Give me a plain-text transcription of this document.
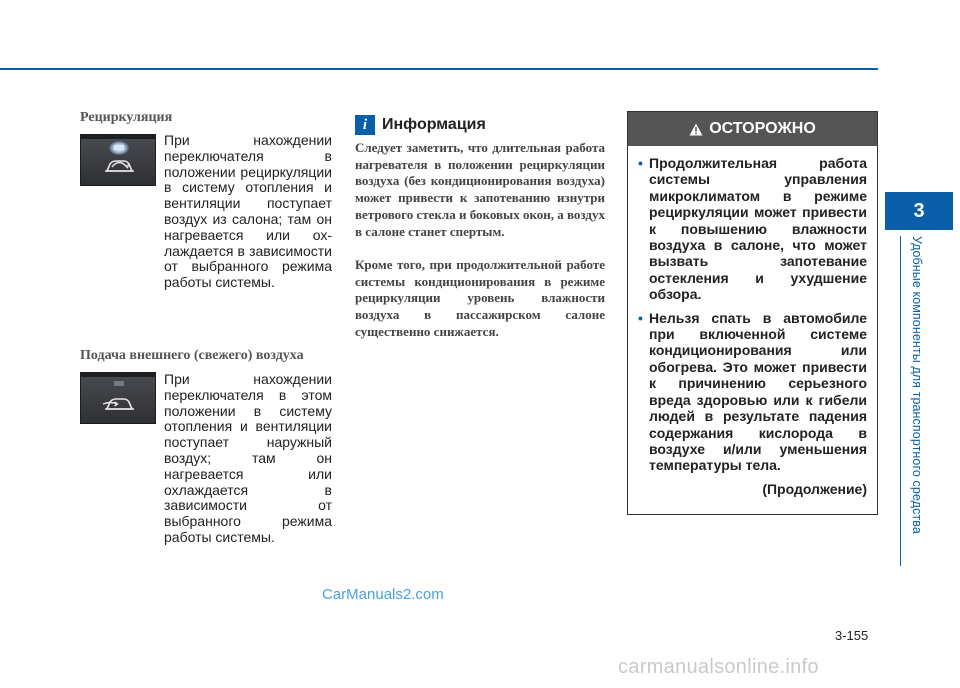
3
Удобные компоненты для транспортного средства
Рециркуляция
При нахождении переключателя в положении рециркуляции в систему отопления и вентиляции поступает воздух из салона; там он нагревается или ох-лаждается в зависимости от выбранного режима работы системы.
Подача внешнего (свежего) воздуха
При нахождении переключателя в этом положении в систему отопления и вентиляции поступает наружный воздух; там он нагревается или охлаждается в зависимости от выбранного режима работы системы.
i Информация
Следует заметить, что длительная работа нагревателя в положении рециркуляции воздуха (без кондиционирования воздуха) может привести к запотеванию изнутри ветрового стекла и боковых окон, а воздух в салоне станет спертым.
Кроме того, при продолжительной работе системы кондиционирования в режиме рециркуляции уровень влажности воздуха в пассажирском салоне существенно снижается.
ОСТОРОЖНО
• Продолжительная работа системы управления микроклиматом в режиме рециркуляции может привести к повышению влажности воздуха в салоне, что может вызвать запотевание остекления и ухудшение обзора.
• Нельзя спать в автомобиле при включенной системе кондиционирования или обогрева. Это может привести к причинению серьезного вреда здоровью или к гибели людей в результате падения содержания кислорода в воздухе и/или уменьшения температуры тела.
(Продолжение)
CarManuals2.com
3-155
carmanualsonline.info
